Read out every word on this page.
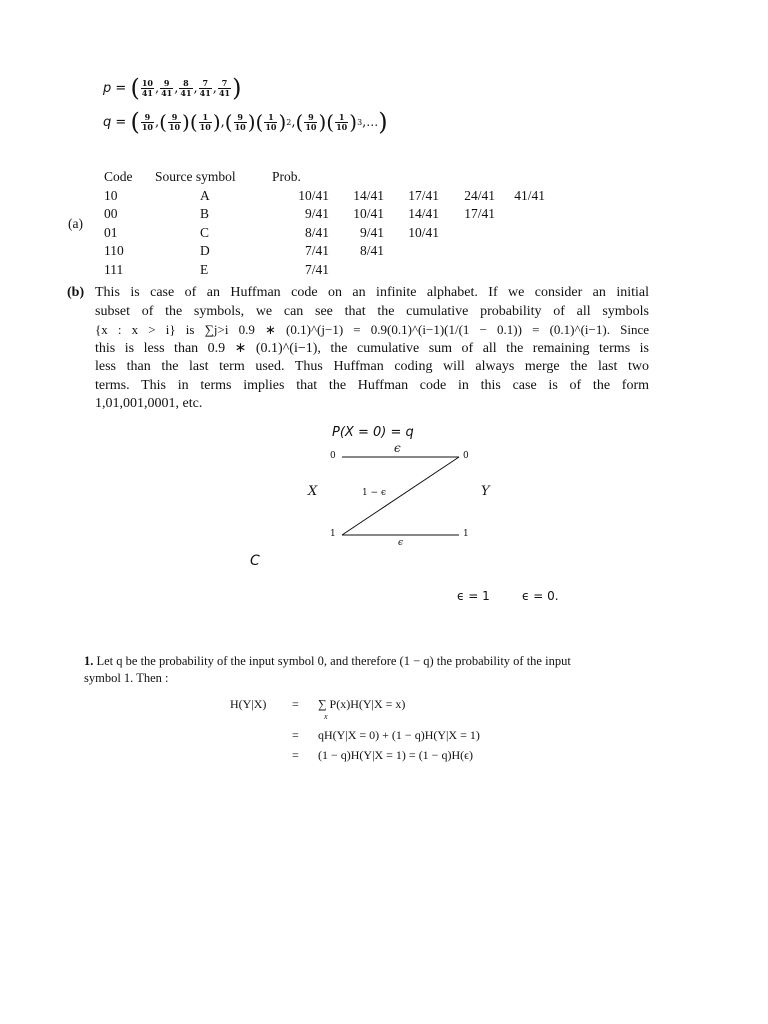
p = ( $\frac{10}{41}$ , $\frac{9}{41}$ , $\frac{8}{41}$ , $\frac{7}{41}$ , $\frac{7}{41}$ )
q = ( $\frac{9}{10}$ , ( $\frac{9}{10}$ ) ( $\frac{1}{10}$ ) , ( $\frac{9}{10}$ ) ( $\frac{1}{10}$ ) 2 , ( $\frac{9}{10}$ ) ( $\frac{1}{10}$ ) 3 , … )
(a)
Code	Source symbol	Prob.				
10	A	10/41	14/41	17/41	24/41	41/41
00	B	9/41	10/41	14/41	17/41	
01	C	8/41	9/41	10/41		
110	D	7/41	8/41			
111	E	7/41				
(b) This is case of an Huffman code on an infinite alphabet. If we consider an initial

subset of the symbols, we can see that the cumulative probability of all symbols

{x : x > i} is ∑j>i 0.9 ∗ (0.1)^(j−1) = 0.9(0.1)^(i−1)(1/(1 − 0.1)) = (0.1)^(i−1). Since

this is less than 0.9 ∗ (0.1)^(i−1), the cumulative sum of all the remaining terms is

less than the last term used. Thus Huffman coding will always merge the last two

terms. This in terms implies that the Huffman code in this case is of the form

1,01,001,0001, etc.

P(X = 0) = q
0	0
1	1
ϵ
1 − ϵ
ϵ
X	Y
C
ϵ = 1	ϵ = 0.
1. Let q be the probability of the input symbol 0, and therefore (1 − q) the probability of the input
symbol 1. Then :
H(Y|X) = ∑ P(x)H(Y|X = x)
x
= qH(Y|X = 0) + (1 − q)H(Y|X = 1)
= (1 − q)H(Y|X = 1) = (1 − q)H(ϵ)
